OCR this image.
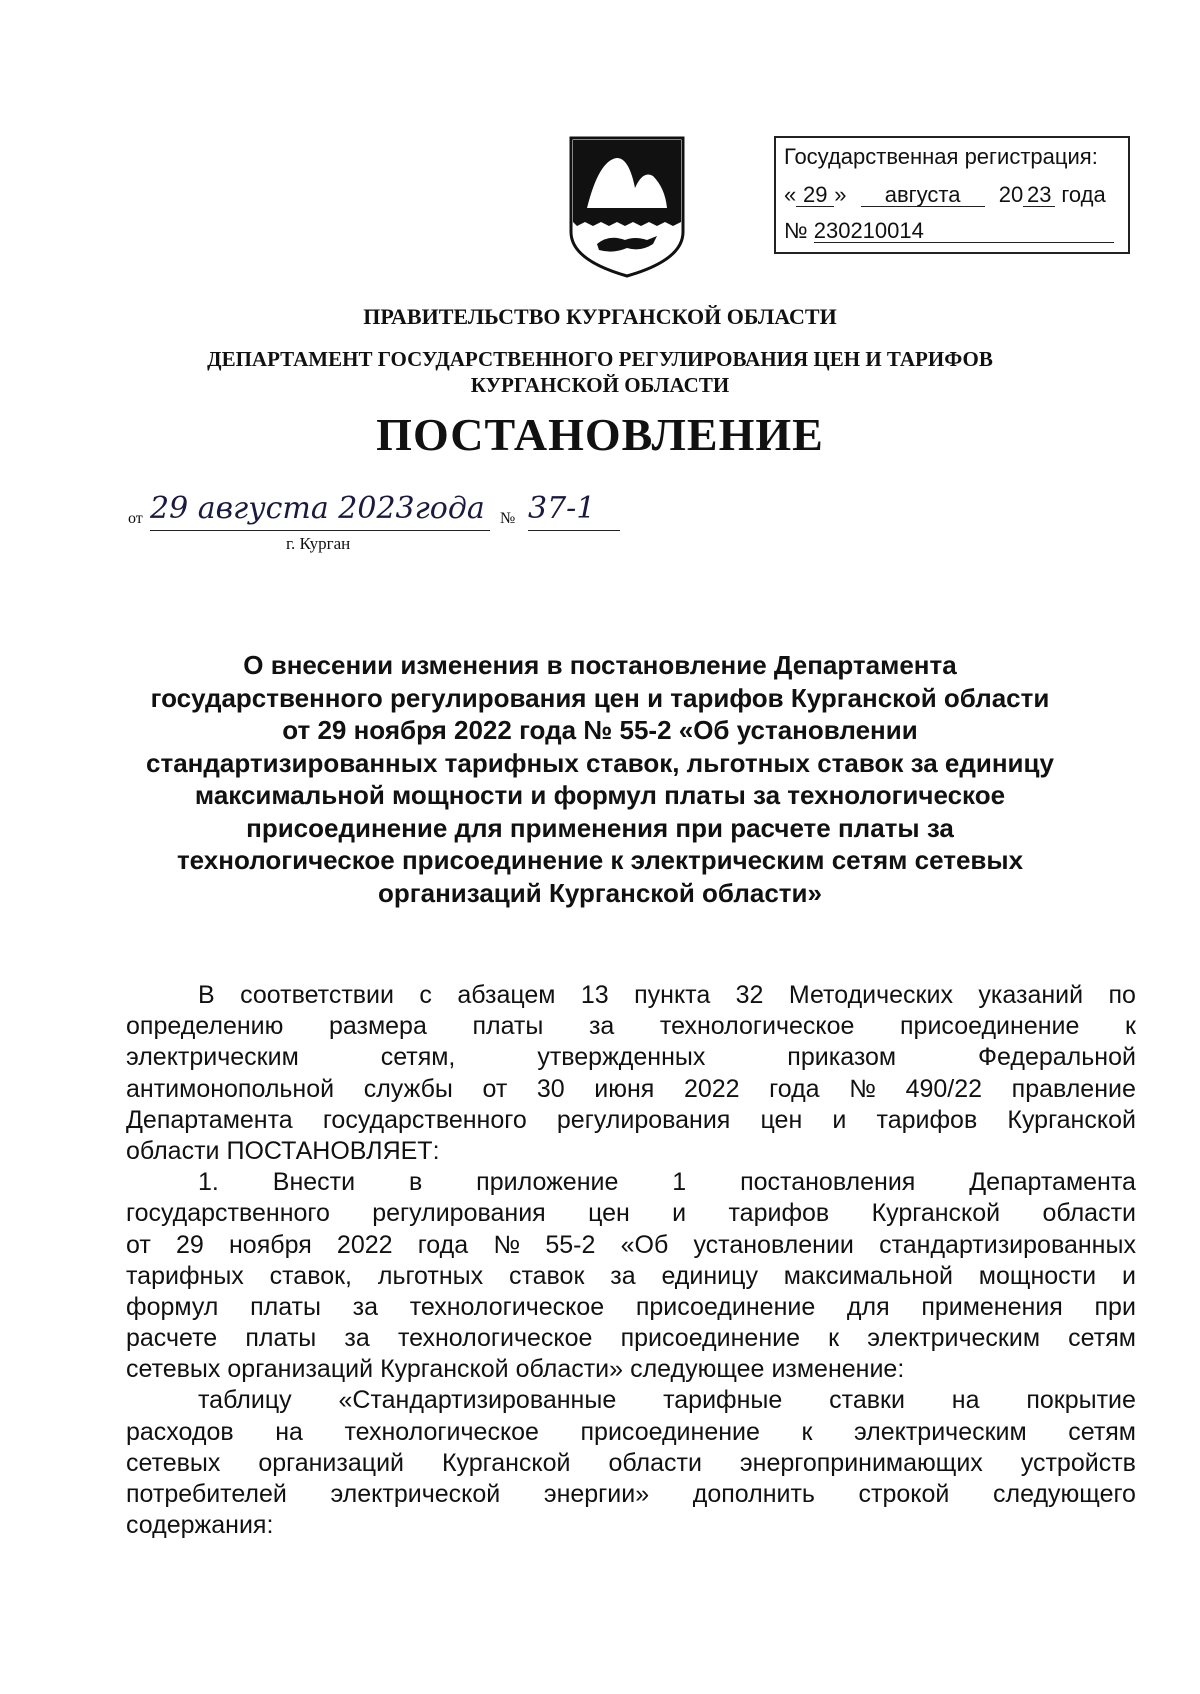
Государственная регистрация:
« 29 » августа 20 23 года
№ 230210014
ПРАВИТЕЛЬСТВО КУРГАНСКОЙ ОБЛАСТИ
ДЕПАРТАМЕНТ ГОСУДАРСТВЕННОГО РЕГУЛИРОВАНИЯ ЦЕН И ТАРИФОВ
КУРГАНСКОЙ ОБЛАСТИ
ПОСТАНОВЛЕНИЕ
от 29 августа 2023года № 37-1
г. Курган
О внесении изменения в постановление Департамента
государственного регулирования цен и тарифов Курганской области
от 29 ноября 2022 года № 55-2 «Об установлении
стандартизированных тарифных ставок, льготных ставок за единицу
максимальной мощности и формул платы за технологическое
присоединение для применения при расчете платы за
технологическое присоединение к электрическим сетям сетевых
организаций Курганской области»
В соответствии с абзацем 13 пункта 32 Методических указаний по
определению размера платы за технологическое присоединение к
электрическим	сетям,	утвержденных	приказом	Федеральной
антимонопольной службы от 30 июня 2022 года № 490/22 правление
Департамента государственного регулирования цен и тарифов Курганской
области ПОСТАНОВЛЯЕТ:
1. Внести в приложение 1 постановления Департамента
государственного регулирования цен и тарифов Курганской области
от 29 ноября 2022 года № 55-2 «Об установлении стандартизированных
тарифных ставок, льготных ставок за единицу максимальной мощности и
формул платы за технологическое присоединение для применения при
расчете платы за технологическое присоединение к электрическим сетям
сетевых организаций Курганской области» следующее изменение:
таблицу «Стандартизированные тарифные ставки на покрытие
расходов на технологическое присоединение к электрическим сетям
сетевых организаций Курганской области энергопринимающих устройств
потребителей электрической энергии» дополнить строкой следующего
содержания:
